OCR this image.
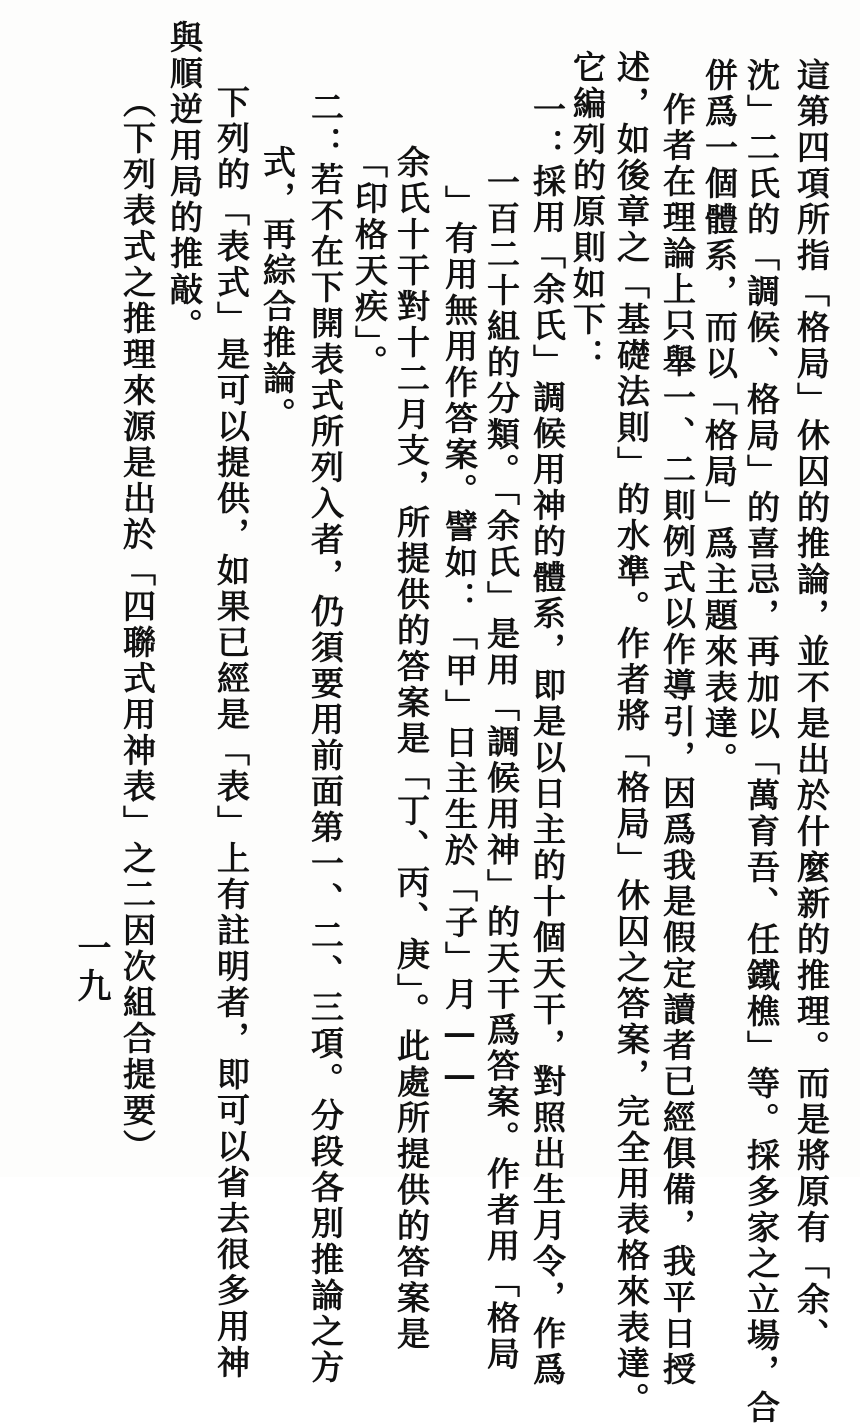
這第四項所指「格局」休囚的推論，並不是出於什麼新的推理。而是將原有「余、
沈」二氏的「調候、格局」的喜忌，再加以「萬育吾、任鐵樵」等。採多家之立場，合
併爲一個體系，而以「格局」爲主題來表達。
作者在理論上只舉一、二則例式以作導引，因爲我是假定讀者已經俱備，我平日授
述，如後章之「基礎法則」的水準。作者將「格局」休囚之答案，完全用表格來表達。
它編列的原則如下：
一：採用「余氏」調候用神的體系，即是以日主的十個天干，對照出生月令，作爲
一百二十組的分類。「余氏」是用「調候用神」的天干爲答案。作者用「格局
」有用無用作答案。譬如：「甲」日主生於「子」月——
余氏十干對十二月支，所提供的答案是「丁、丙、庚」。此處所提供的答案是
「印格天疾」。
二：若不在下開表式所列入者，仍須要用前面第一、二、三項。分段各別推論之方
式，再綜合推論。
下列的「表式」是可以提供，如果已經是「表」上有註明者，即可以省去很多用神
與順逆用局的推敲。
（下列表式之推理來源是出於「四聯式用神表」之二因次組合提要）
一九
